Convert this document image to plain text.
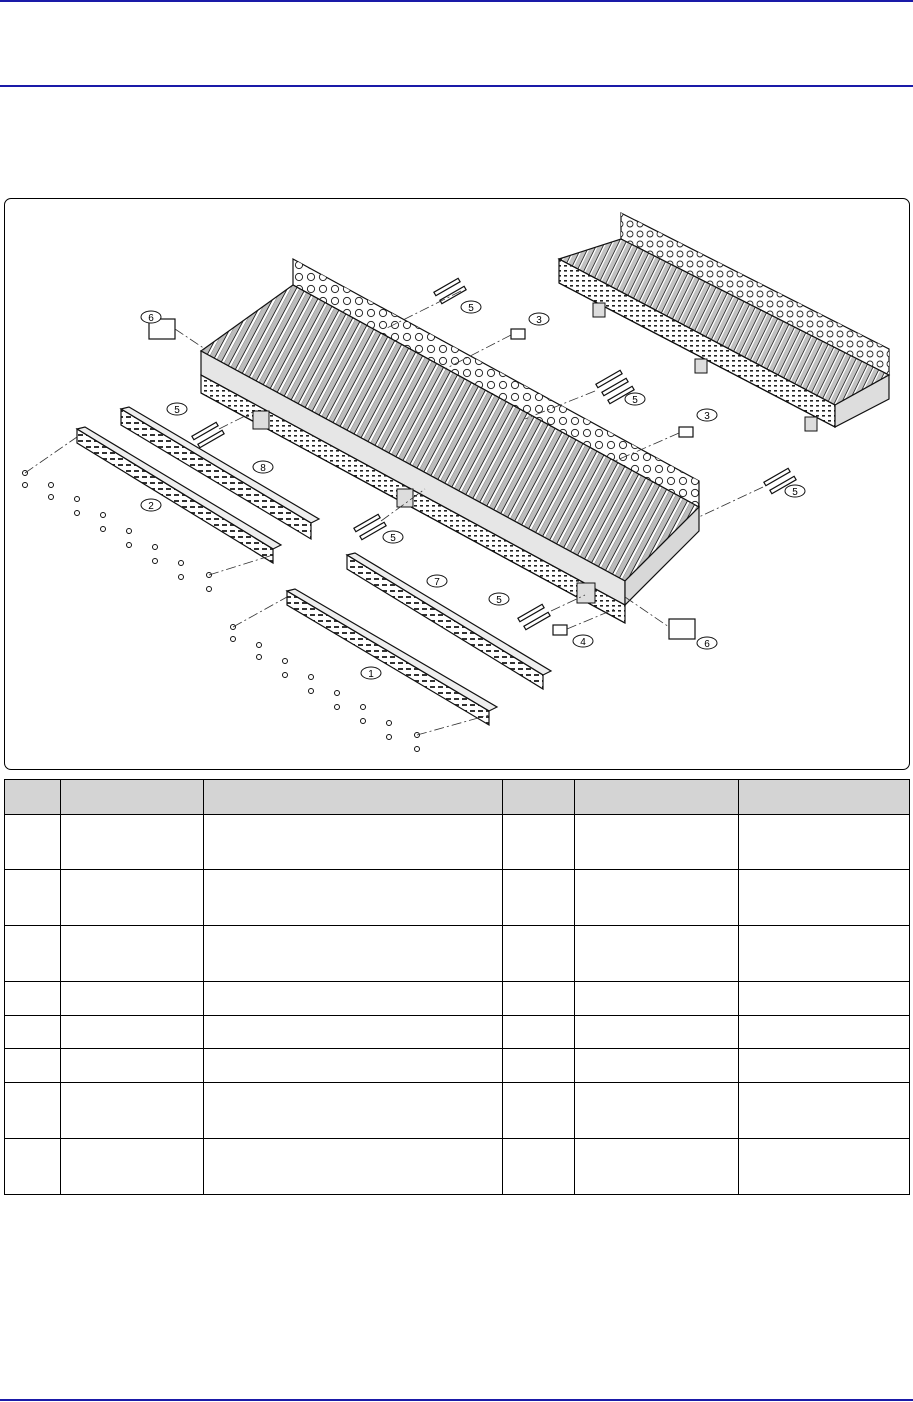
6
5
3
5
3
5
5
8
2
5
7
5
4
1
6
